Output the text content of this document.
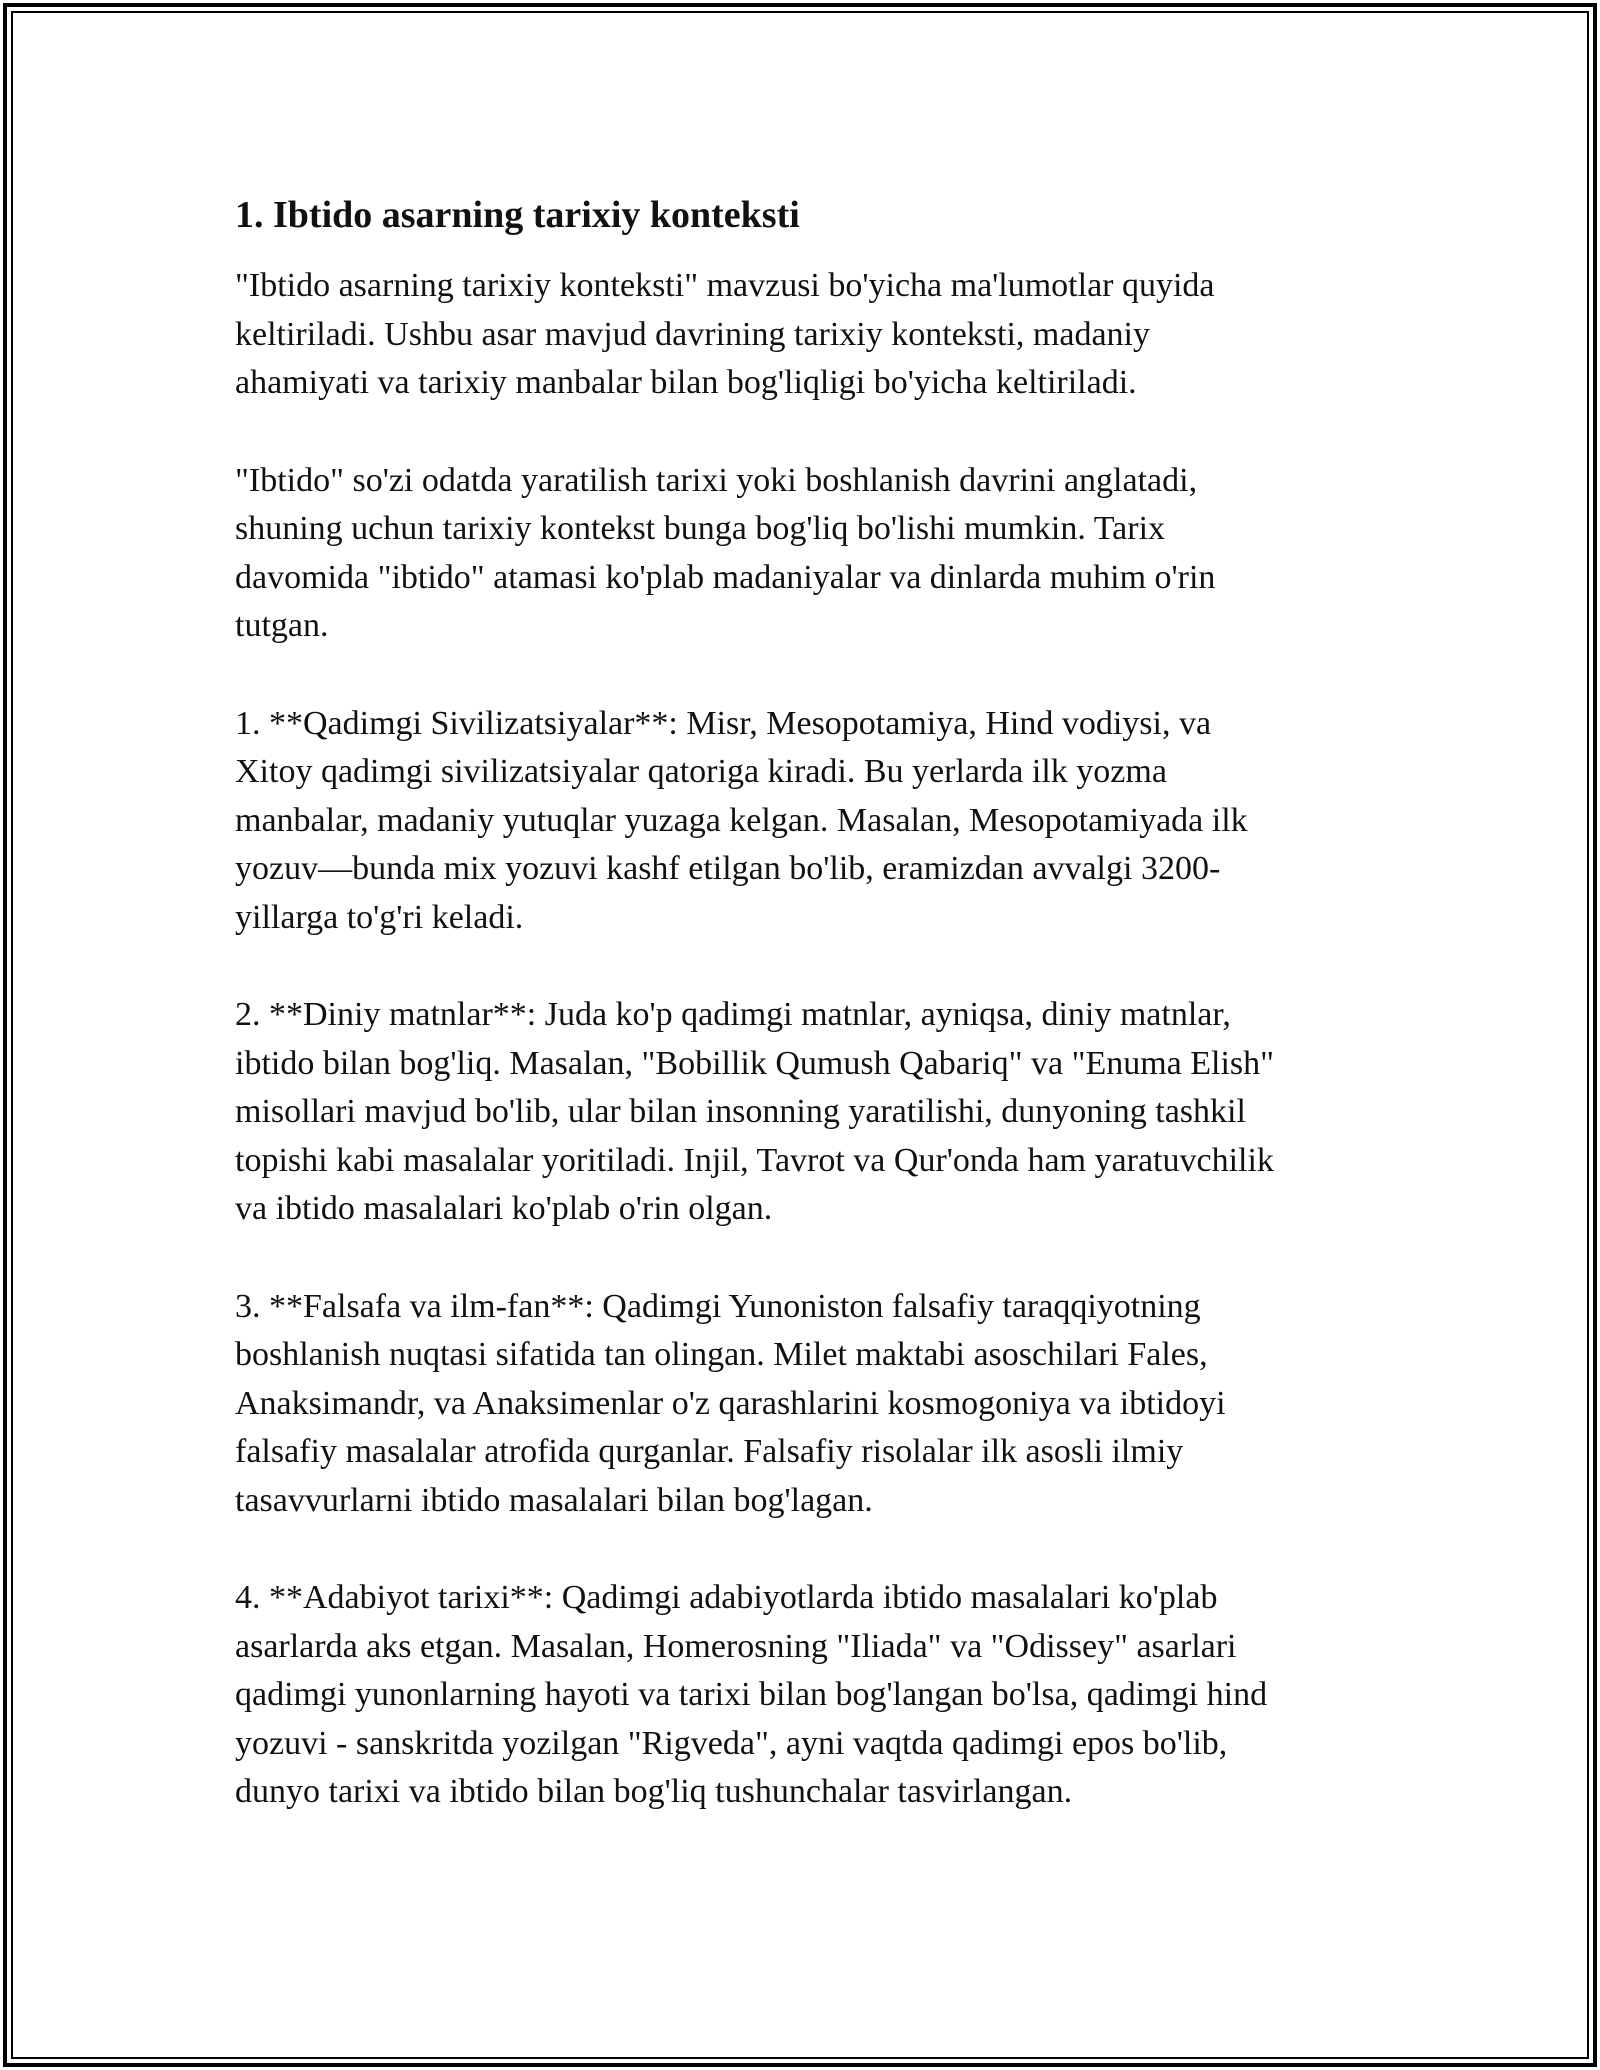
1. Ibtido asarning tarixiy konteksti

"Ibtido asarning tarixiy konteksti" mavzusi bo'yicha ma'lumotlar quyida
keltiriladi. Ushbu asar mavjud davrining tarixiy konteksti, madaniy
ahamiyati va tarixiy manbalar bilan bog'liqligi bo'yicha keltiriladi.

"Ibtido" so'zi odatda yaratilish tarixi yoki boshlanish davrini anglatadi,
shuning uchun tarixiy kontekst bunga bog'liq bo'lishi mumkin. Tarix
davomida "ibtido" atamasi ko'plab madaniyalar va dinlarda muhim o'rin
tutgan.

1. **Qadimgi Sivilizatsiyalar**: Misr, Mesopotamiya, Hind vodiysi, va
Xitoy qadimgi sivilizatsiyalar qatoriga kiradi. Bu yerlarda ilk yozma
manbalar, madaniy yutuqlar yuzaga kelgan. Masalan, Mesopotamiyada ilk
yozuv—bunda mix yozuvi kashf etilgan bo'lib, eramizdan avvalgi 3200-
yillarga to'g'ri keladi.

2. **Diniy matnlar**: Juda ko'p qadimgi matnlar, ayniqsa, diniy matnlar,
ibtido bilan bog'liq. Masalan, "Bobillik Qumush Qabariq" va "Enuma Elish"
misollari mavjud bo'lib, ular bilan insonning yaratilishi, dunyoning tashkil
topishi kabi masalalar yoritiladi. Injil, Tavrot va Qur'onda ham yaratuvchilik
va ibtido masalalari ko'plab o'rin olgan.

3. **Falsafa va ilm-fan**: Qadimgi Yunoniston falsafiy taraqqiyotning
boshlanish nuqtasi sifatida tan olingan. Milet maktabi asoschilari Fales,
Anaksimandr, va Anaksimenlar o'z qarashlarini kosmogoniya va ibtidoyi
falsafiy masalalar atrofida qurganlar. Falsafiy risolalar ilk asosli ilmiy
tasavvurlarni ibtido masalalari bilan bog'lagan.

4. **Adabiyot tarixi**: Qadimgi adabiyotlarda ibtido masalalari ko'plab
asarlarda aks etgan. Masalan, Homerosning "Iliada" va "Odissey" asarlari
qadimgi yunonlarning hayoti va tarixi bilan bog'langan bo'lsa, qadimgi hind
yozuvi - sanskritda yozilgan "Rigveda", ayni vaqtda qadimgi epos bo'lib,
dunyo tarixi va ibtido bilan bog'liq tushunchalar tasvirlangan.
